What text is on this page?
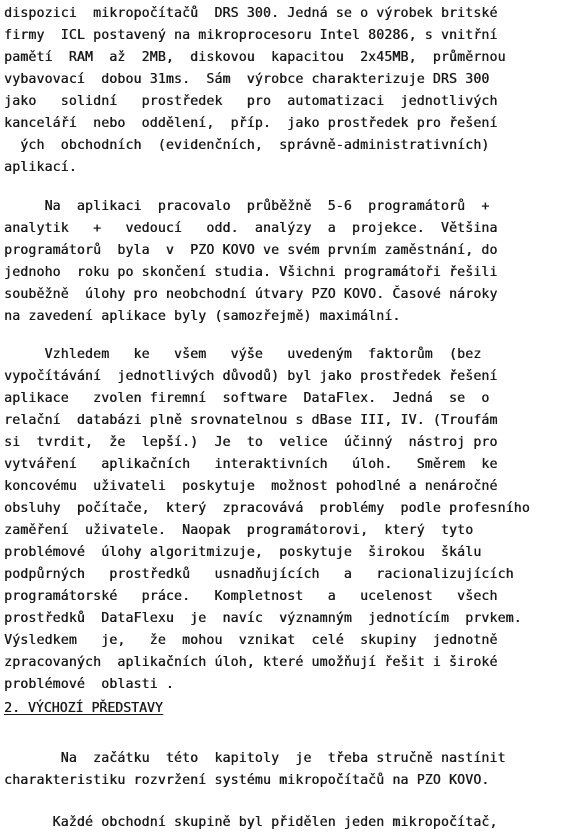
dispozici  mikropočítačů  DRS 300. Jedná se o výrobek britské
firmy  ICL postavený na mikroprocesoru Intel 80286, s vnitřní
pamětí  RAM  až  2MB,  diskovou  kapacitou  2x45MB,  průměrnou
vybavovací  dobou 31ms.  Sám  výrobce charakterizuje DRS 300
jako   solidní   prostředek   pro  automatizaci  jednotlivých
kanceláří  nebo  oddělení,  příp.  jako prostředek pro řešení
ých  obchodních  (evidenčních,  správně-administrativních)
aplikací.
Na  aplikaci  pracovalo  průběžně  5-6  programátorů  +
analytik   +   vedoucí   odd.  analýzy  a  projekce.  Většina
programátorů  byla  v  PZO KOVO ve svém prvním zaměstnání, do
jednoho  roku po skončení studia. Všichni programátoři řešili
souběžně  úlohy pro neobchodní útvary PZO KOVO. Časové nároky
na zavedení aplikace byly (samozřejmě) maximální.
Vzhledem   ke   všem   výše   uvedeným  faktorům  (bez
vypočítávání  jednotlivých důvodů) byl jako prostředek řešení
aplikace   zvolen firemní  software  DataFlex.  Jedná  se  o
relační  databázi plně srovnatelnou s dBase III, IV. (Troufám
si  tvrdit,  že  lepší.)  Je  to  velice  účinný  nástroj pro
vytváření   aplikačních   interaktivních   úloh.   Směrem  ke
koncovému  uživateli  poskytuje  možnost pohodlné a nenáročné
obsluhy  počítače,  který  zpracovává  problémy  podle profesního
zaměření  uživatele.  Naopak  programátorovi,  který  tyto
problémové  úlohy algoritmizuje,  poskytuje  širokou  škálu
podpůrných   prostředků   usnadňujících   a   racionalizujících
programátorské   práce.   Kompletnost   a   ucelenost   všech
prostředků  DataFlexu  je  navíc  významným  jednotícím  prvkem.
Výsledkem   je,   že  mohou  vznikat  celé  skupiny  jednotně
zpracovaných  aplikačních úloh, které umožňují řešit i široké
problémové  oblasti .
2. VÝCHOZÍ PŘEDSTAVY
Na  začátku  této  kapitoly  je  třeba stručně nastínit
charakteristiku rozvržení systému mikropočítačů na PZO KOVO.
Každé obchodní skupině byl přidělen jeden mikropočítač,
